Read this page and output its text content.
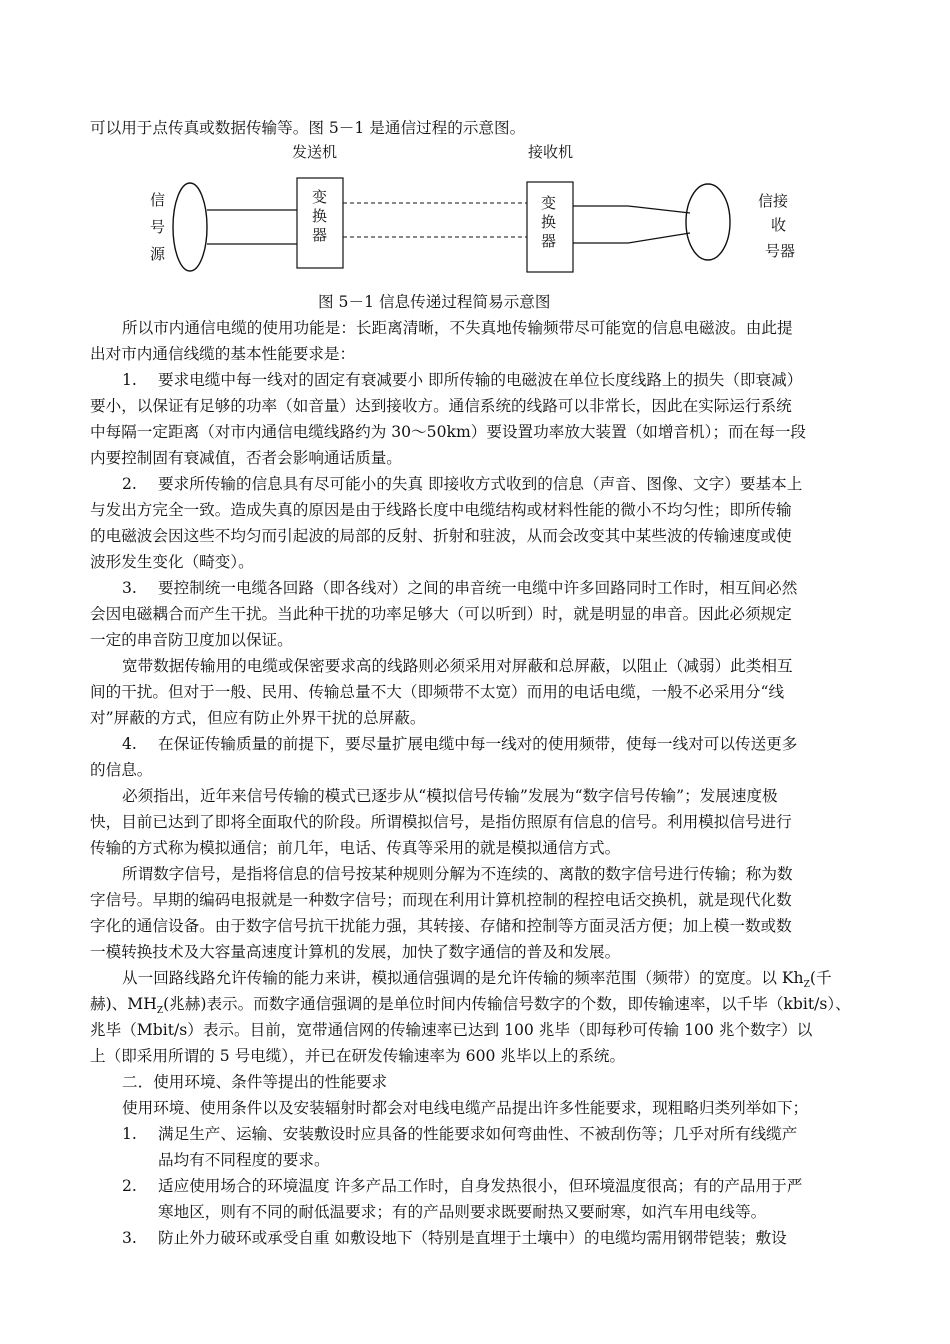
可以用于点传真或数据传输等。图 5－1 是通信过程的示意图。
发送机	接收机
信
号
源
变
换
器
变
换
器
信接
收
号器
图 5－1 信息传递过程简易示意图
所以市内通信电缆的使用功能是：长距离清晰，不失真地传输频带尽可能宽的信息电磁波。由此提
出对市内通信线缆的基本性能要求是：
1. 要求电缆中每一线对的固定有衰减要小 即所传输的电磁波在单位长度线路上的损失（即衰减）
要小，以保证有足够的功率（如音量）达到接收方。通信系统的线路可以非常长，因此在实际运行系统
中每隔一定距离（对市内通信电缆线路约为 30～50km）要设置功率放大装置（如增音机）；而在每一段
内要控制固有衰减值，否者会影响通话质量。
2. 要求所传输的信息具有尽可能小的失真 即接收方式收到的信息（声音、图像、文字）要基本上
与发出方完全一致。造成失真的原因是由于线路长度中电缆结构或材料性能的微小不均匀性；即所传输
的电磁波会因这些不均匀而引起波的局部的反射、折射和驻波，从而会改变其中某些波的传输速度或使
波形发生变化（畸变）。
3. 要控制统一电缆各回路（即各线对）之间的串音统一电缆中许多回路同时工作时，相互间必然
会因电磁耦合而产生干扰。当此种干扰的功率足够大（可以听到）时，就是明显的串音。因此必须规定
一定的串音防卫度加以保证。
宽带数据传输用的电缆或保密要求高的线路则必须采用对屏蔽和总屏蔽，以阻止（减弱）此类相互
间的干扰。但对于一般、民用、传输总量不大（即频带不太宽）而用的电话电缆，一般不必采用分“线
对”屏蔽的方式，但应有防止外界干扰的总屏蔽。
4. 在保证传输质量的前提下，要尽量扩展电缆中每一线对的使用频带，使每一线对可以传送更多
的信息。
必须指出，近年来信号传输的模式已逐步从“模拟信号传输”发展为“数字信号传输”；发展速度极
快，目前已达到了即将全面取代的阶段。所谓模拟信号，是指仿照原有信息的信号。利用模拟信号进行
传输的方式称为模拟通信；前几年，电话、传真等采用的就是模拟通信方式。
所谓数字信号，是指将信息的信号按某种规则分解为不连续的、离散的数字信号进行传输；称为数
字信号。早期的编码电报就是一种数字信号；而现在利用计算机控制的程控电话交换机，就是现代化数
字化的通信设备。由于数字信号抗干扰能力强，其转接、存储和控制等方面灵活方便；加上模一数或数
一模转换技术及大容量高速度计算机的发展，加快了数字通信的普及和发展。
从一回路线路允许传输的能力来讲，模拟通信强调的是允许传输的频率范围（频带）的宽度。以 $Kh_Z$(千
赫)、$MH_Z$(兆赫)表示。而数字通信强调的是单位时间内传输信号数字的个数，即传输速率，以千毕（kbit/s）、
兆毕（Mbit/s）表示。目前，宽带通信网的传输速率已达到 100 兆毕（即每秒可传输 100 兆个数字）以
上（即采用所谓的 5 号电缆），并已在研发传输速率为 600 兆毕以上的系统。
二．使用环境、条件等提出的性能要求
使用环境、使用条件以及安装辐射时都会对电线电缆产品提出许多性能要求，现粗略归类列举如下；
1. 满足生产、运输、安装敷设时应具备的性能要求如何弯曲性、不被刮伤等；几乎对所有线缆产
品均有不同程度的要求。
2. 适应使用场合的环境温度 许多产品工作时，自身发热很小，但环境温度很高；有的产品用于严
寒地区，则有不同的耐低温要求；有的产品则要求既要耐热又要耐寒，如汽车用电线等。
3. 防止外力破环或承受自重 如敷设地下（特别是直埋于土壤中）的电缆均需用钢带铠装；敷设
